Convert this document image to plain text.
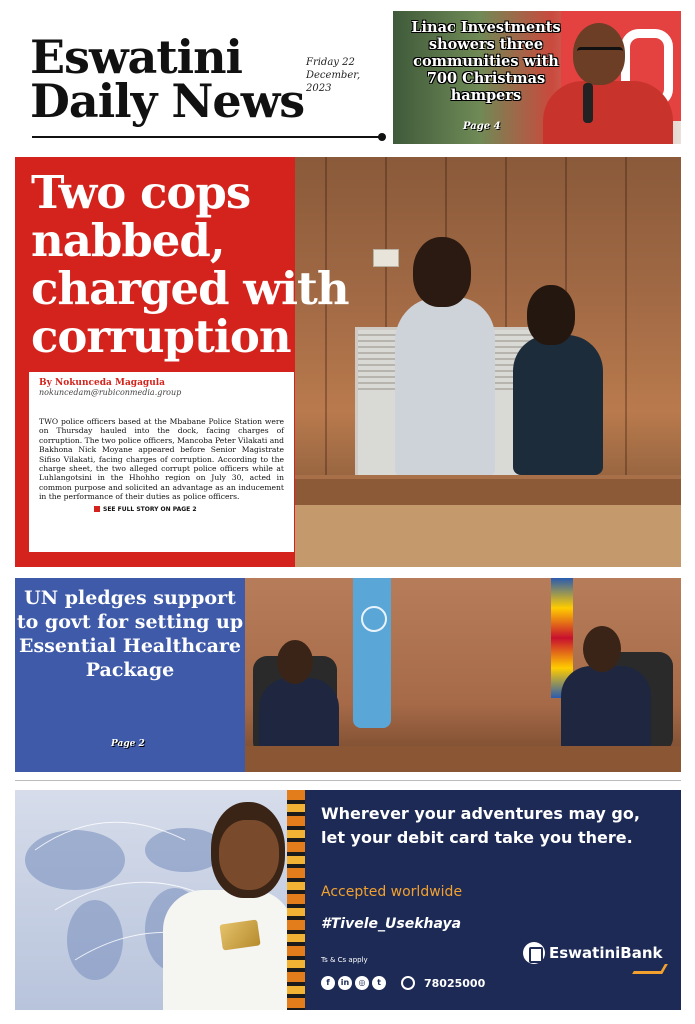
Eswatini
Daily News
Friday 22
December, 2023
Linac Investments showers three communities with 700 Christmas hampers
Page 4
Two cops nabbed, charged with corruption
By Nokuncedа Magagula
nokuncedam@rubiconmedia.group
TWO police officers based at the Mbabane Police Station were on Thursday hauled into the dock, facing charges of corruption. The two police officers, Mancoba Peter Vilakati and Bakhona Nick Moyane appeared before Senior Magistrate Sifiso Vilakati, facing charges of corruption. According to the charge sheet, the two alleged corrupt police officers while at Luhlangotsini in the Hhohho region on July 30, acted in common purpose and solicited an advantage as an inducement in the performance of their duties as police officers.
SEE FULL STORY ON PAGE 2
UN pledges support to govt for setting up Essential Healthcare Package
Page 2
Wherever your adventures may go, let your debit card take you there.
Accepted worldwide
#Tivele_Usekhaya
Ts & Cs apply
f	in	◎	t	78025000
EswatiniBank
